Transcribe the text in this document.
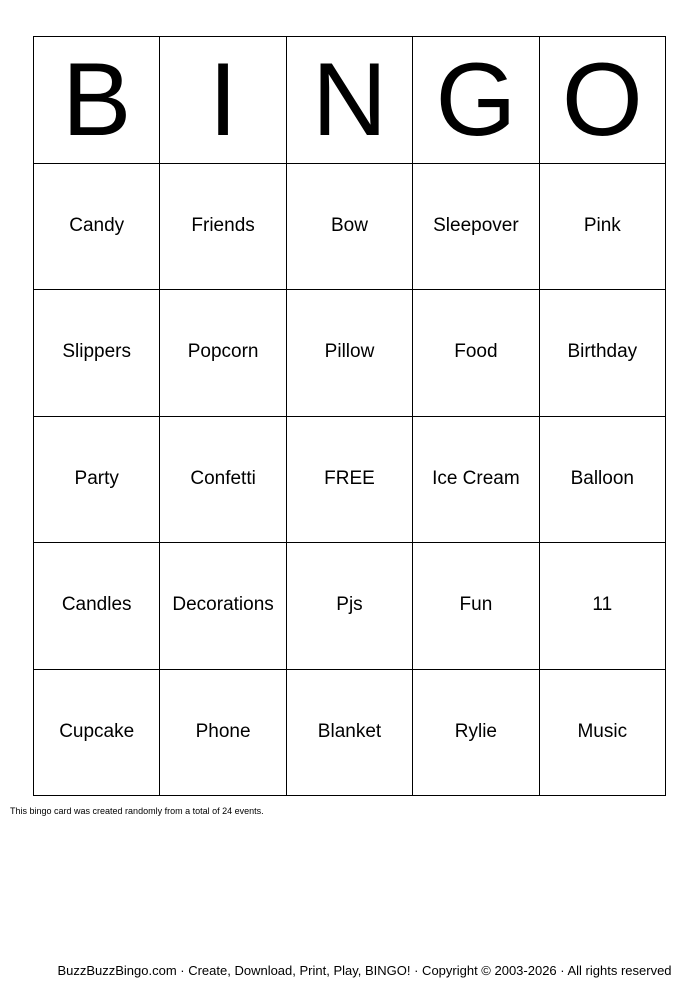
B I N G O
Candy	Friends	Bow	Sleepover	Pink
Slippers	Popcorn	Pillow	Food	Birthday
Party	Confetti	FREE	Ice Cream	Balloon
Candles	Decorations	Pjs	Fun	11
Cupcake	Phone	Blanket	Rylie	Music
This bingo card was created randomly from a total of 24 events.
BuzzBuzzBingo.com · Create, Download, Print, Play, BINGO! · Copyright © 2003-2026 · All rights reserved
